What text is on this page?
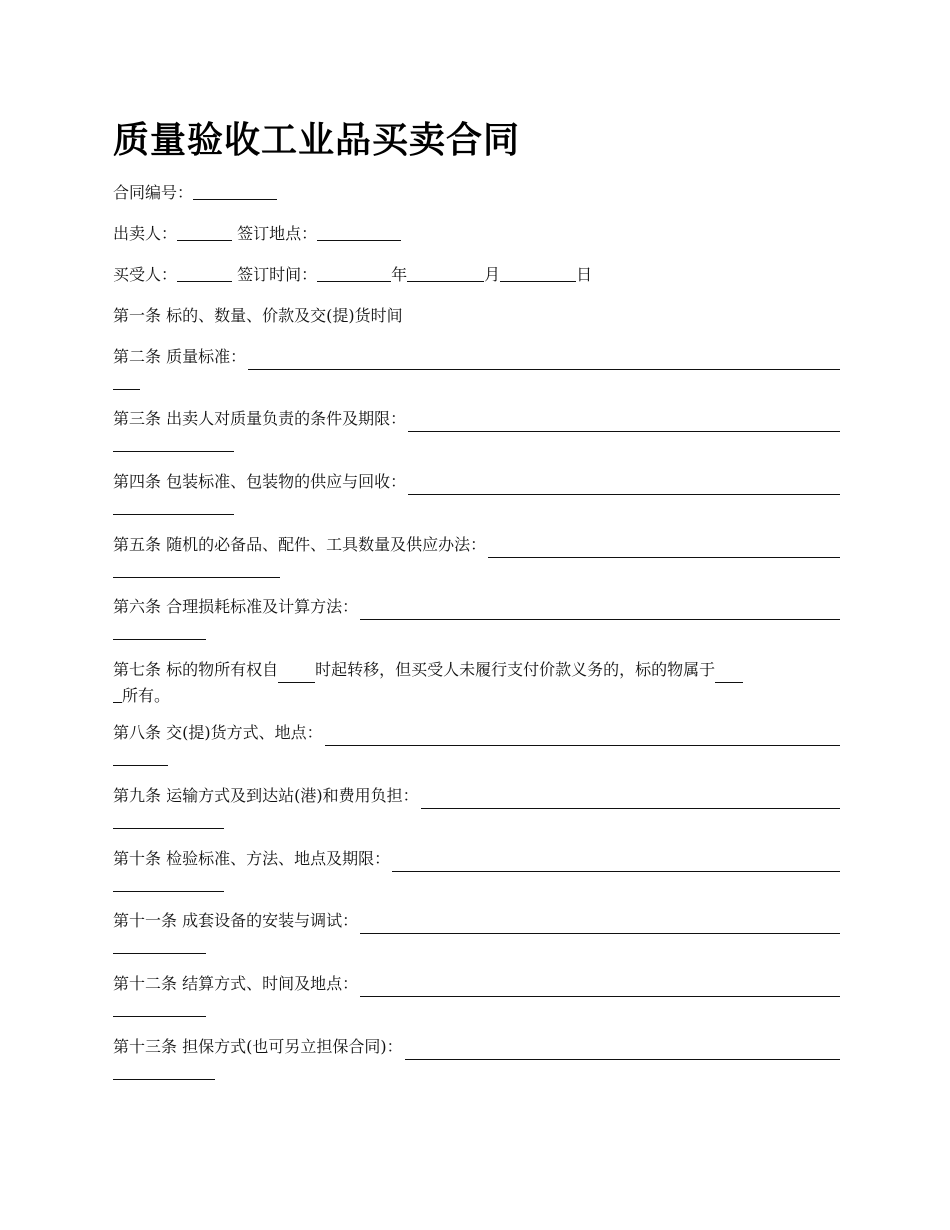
质量验收工业品买卖合同
合同编号：
出卖人：	签订地点：
买受人：	签订时间：	年	月	日
第一条 标的、数量、价款及交(提)货时间
第二条 质量标准：
第三条 出卖人对质量负责的条件及期限：
第四条 包装标准、包装物的供应与回收：
第五条 随机的必备品、配件、工具数量及供应办法：
第六条 合理损耗标准及计算方法：
第七条 标的物所有权自 时起转移，但买受人未履行支付价款义务的，标的物属于
所有。
第八条 交(提)货方式、地点：
第九条 运输方式及到达站(港)和费用负担：
第十条 检验标准、方法、地点及期限：
第十一条 成套设备的安装与调试：
第十二条 结算方式、时间及地点：
第十三条 担保方式(也可另立担保合同)：
